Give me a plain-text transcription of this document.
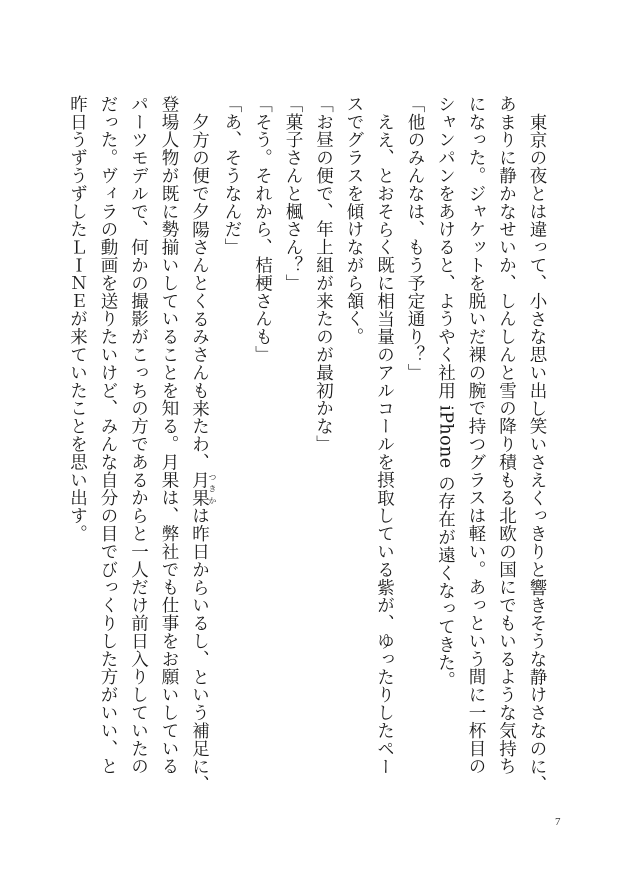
東京の夜とは違って、小さな思い出し笑いさえくっきりと響きそうな静けさなのに、
あまりに静かなせいか、しんしんと雪の降り積もる北欧の国にでもいるような気持ち
になった。ジャケットを脱いだ裸の腕で持つグラスは軽い。あっという間に一杯目の
シャンパンをあけると、ようやく社用 iPhone の存在が遠くなってきた。
「他のみんなは、もう予定通り？」
ええ、とおそらく既に相当量のアルコールを摂取している紫が、ゆったりしたペー
スでグラスを傾けながら頷く。
「お昼の便で、年上組が来たのが最初かな」
「菓子さんと楓さん？」
「そう。それから、桔梗さんも」
「あ、そうなんだ」
夕方の便で夕陽さんとくるみさんも来たわ、月果つきかは昨日からいるし、という補足に、
登場人物が既に勢揃いしていることを知る。月果は、弊社でも仕事をお願いしている
パーツモデルで、何かの撮影がこっちの方であるからと一人だけ前日入りしていたの
だった。ヴィラの動画を送りたいけど、みんな自分の目でびっくりした方がいい、と
昨日うずうずしたＬＩＮＥが来ていたことを思い出す。
7
